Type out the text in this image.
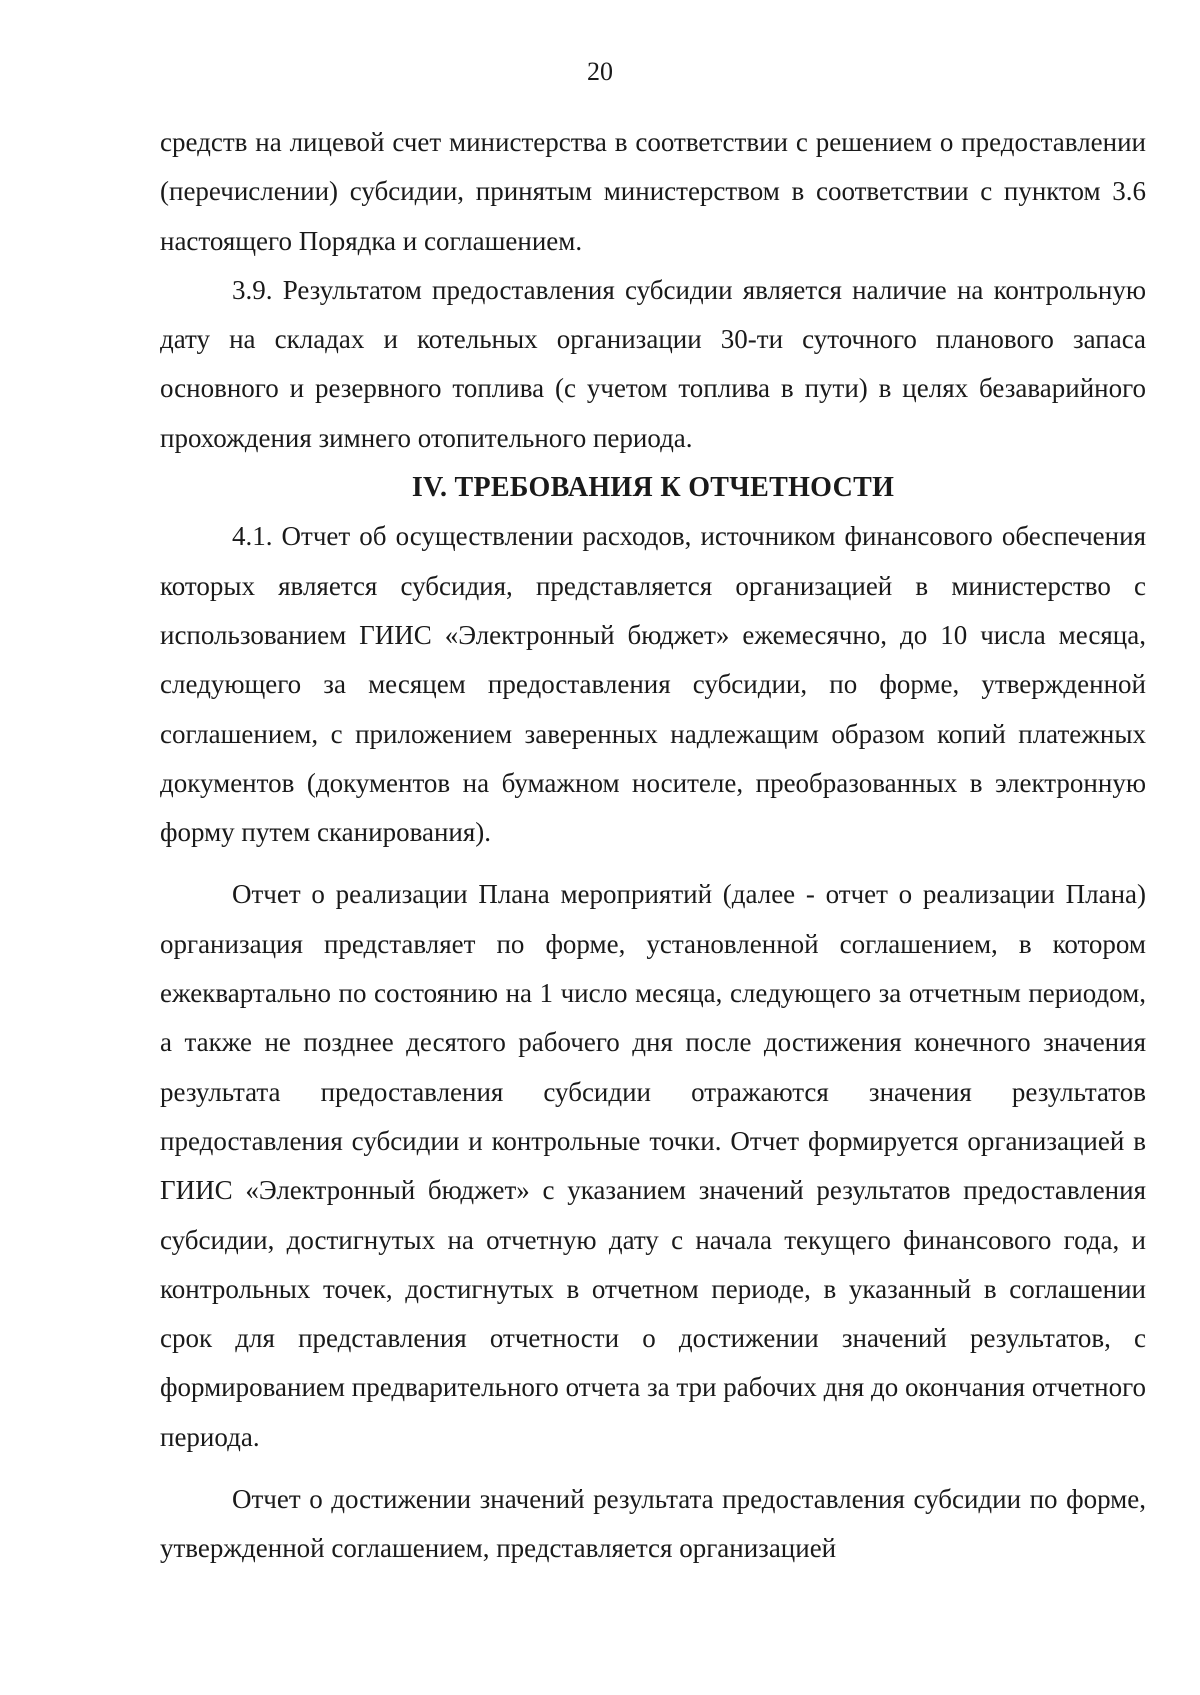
20

средств на лицевой счет министерства в соответствии с решением о предоставлении (перечислении) субсидии, принятым министерством в соответствии с пунктом 3.6 настоящего Порядка и соглашением.

3.9. Результатом предоставления субсидии является наличие на контрольную дату на складах и котельных организации 30-ти суточного планового запаса основного и резервного топлива (с учетом топлива в пути) в целях безаварийного прохождения зимнего отопительного периода.

IV. ТРЕБОВАНИЯ К ОТЧЕТНОСТИ

4.1. Отчет об осуществлении расходов, источником финансового обеспечения которых является субсидия, представляется организацией в министерство с использованием ГИИС «Электронный бюджет» ежемесячно, до 10 числа месяца, следующего за месяцем предоставления субсидии, по форме, утвержденной соглашением, с приложением заверенных надлежащим образом копий платежных документов (документов на бумажном носителе, преобразованных в электронную форму путем сканирования).

Отчет о реализации Плана мероприятий (далее - отчет о реализации Плана) организация представляет по форме, установленной соглашением, в котором ежеквартально по состоянию на 1 число месяца, следующего за отчетным периодом, а также не позднее десятого рабочего дня после достижения конечного значения результата предоставления субсидии отражаются значения результатов предоставления субсидии и контрольные точки. Отчет формируется организацией в ГИИС «Электронный бюджет» с указанием значений результатов предоставления субсидии, достигнутых на отчетную дату с начала текущего финансового года, и контрольных точек, достигнутых в отчетном периоде, в указанный в соглашении срок для представления отчетности о достижении значений результатов, с формированием предварительного отчета за три рабочих дня до окончания отчетного периода.

Отчет о достижении значений результата предоставления субсидии по форме, утвержденной соглашением, представляется организацией
